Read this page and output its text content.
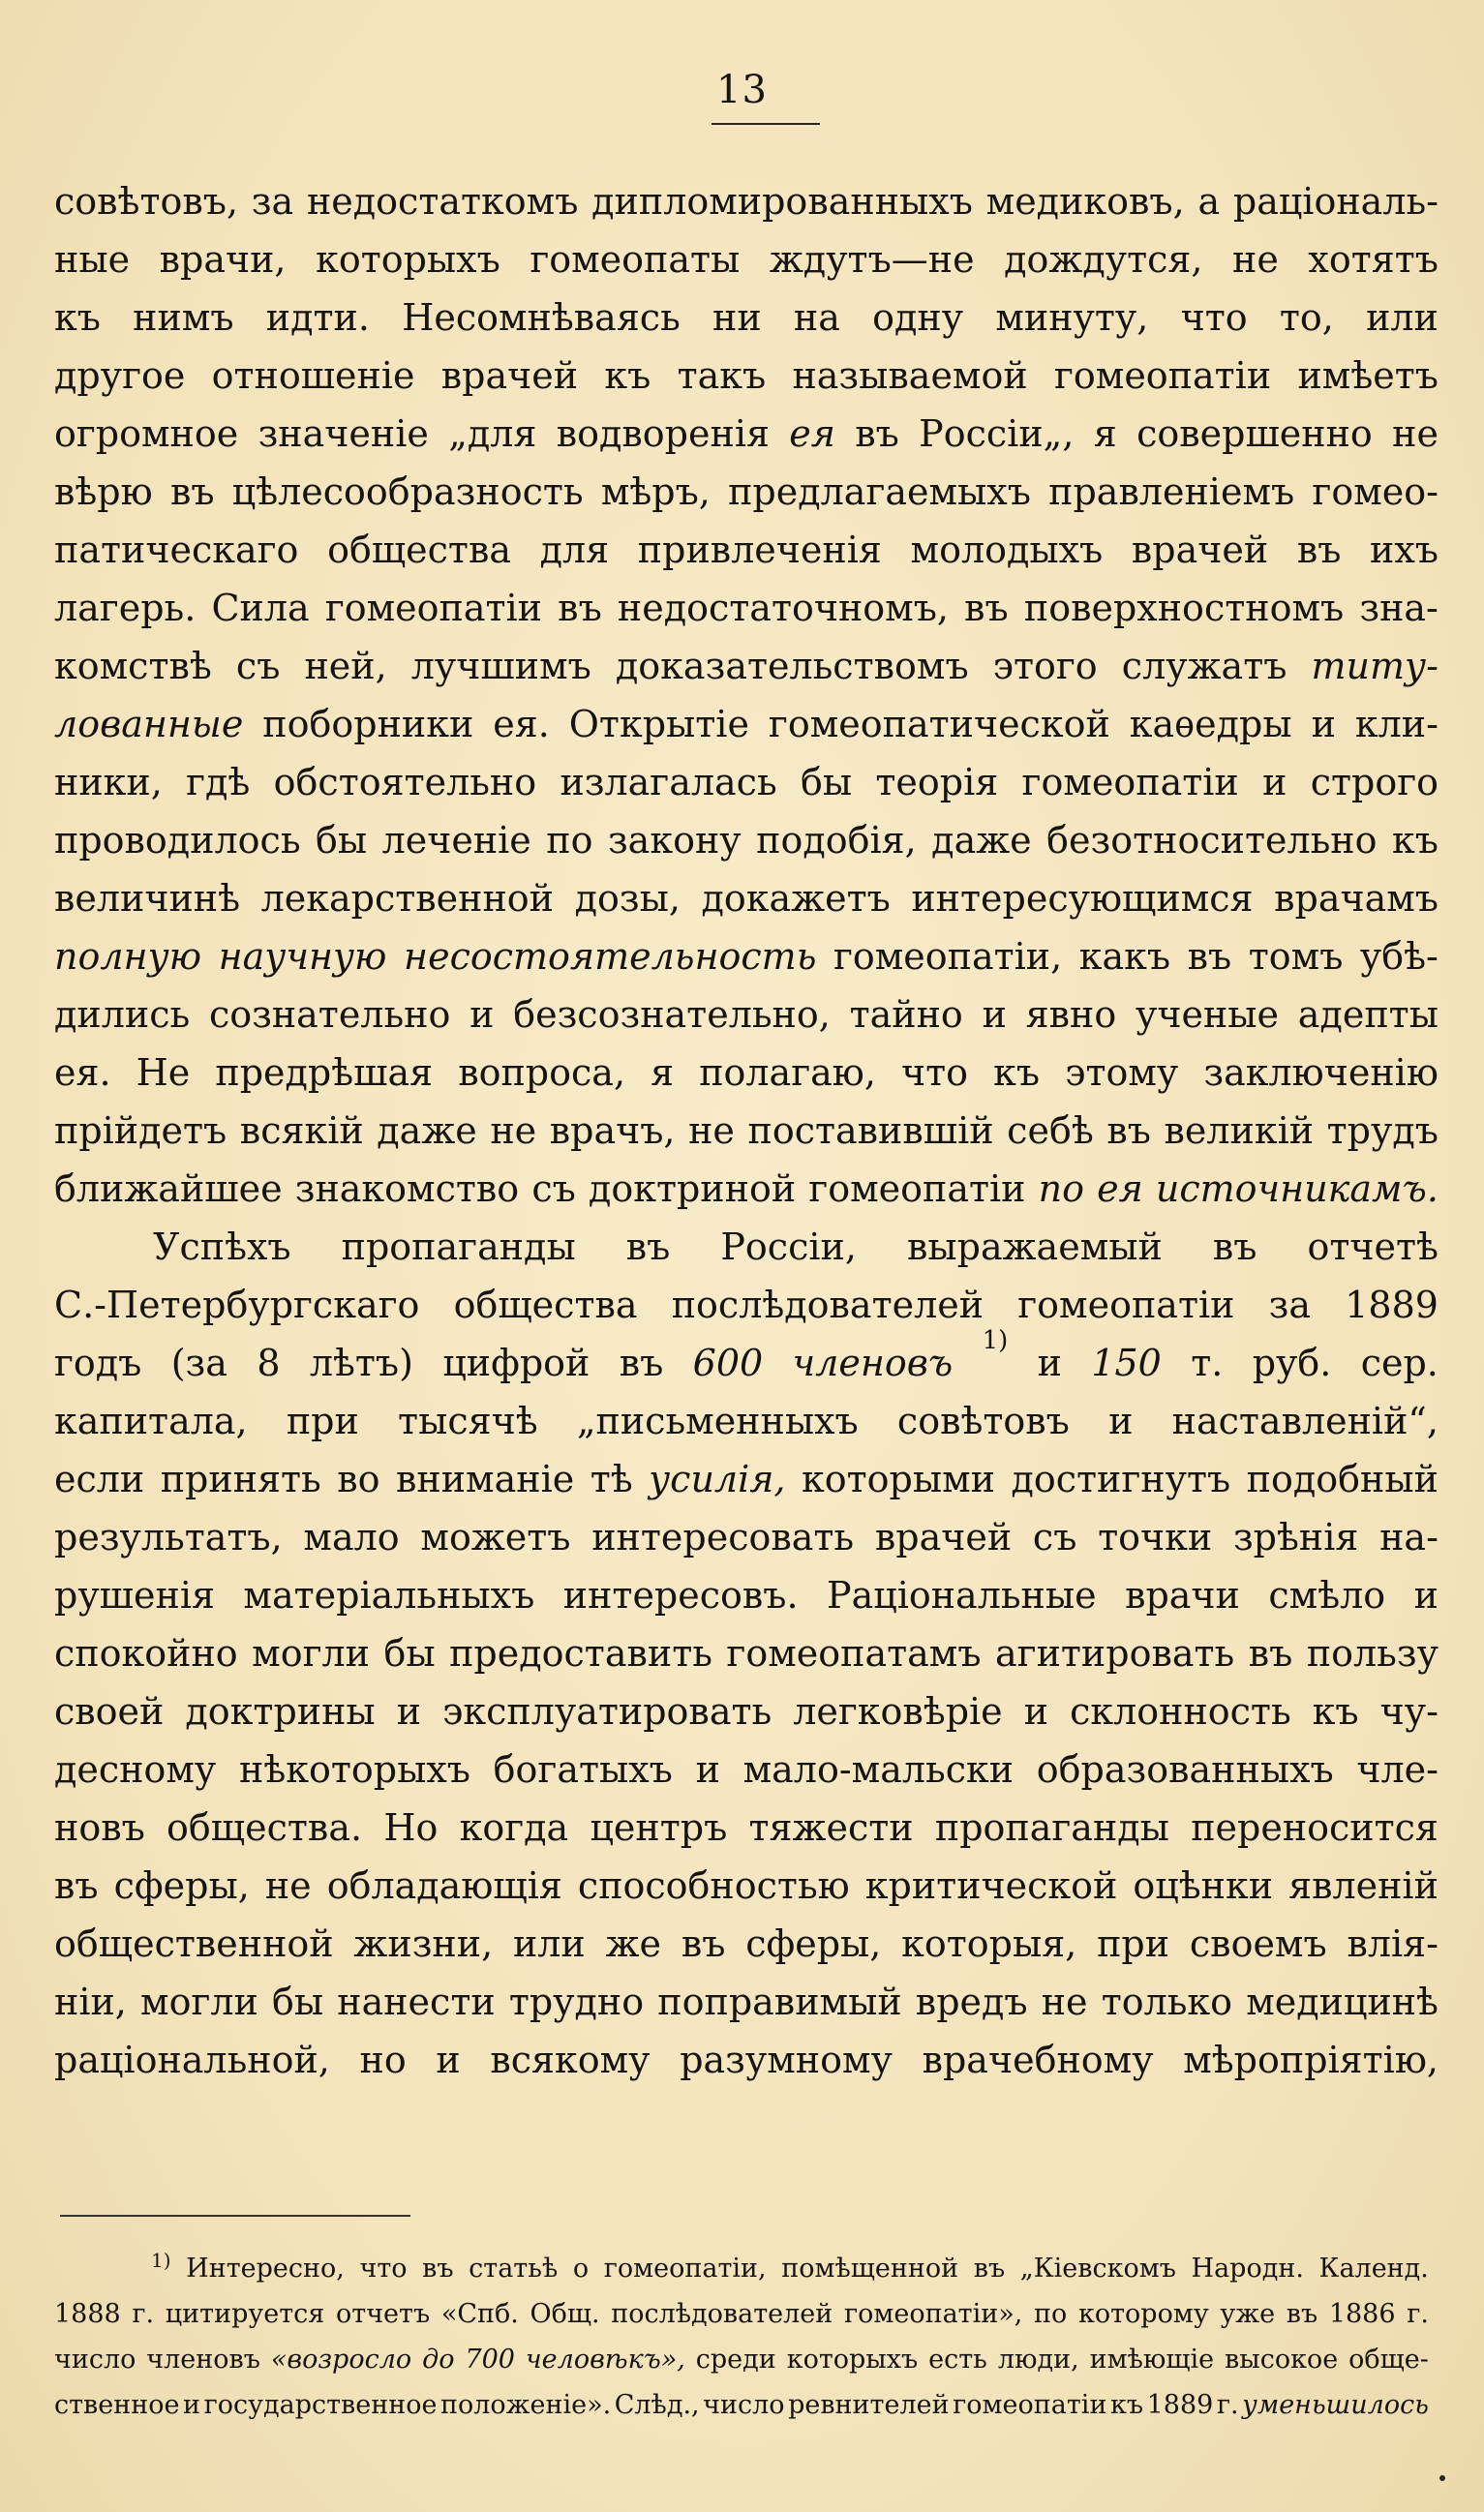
13
совѣтовъ, за недостаткомъ дипломированныхъ медиковъ, а раціональ-
ные врачи, которыхъ гомеопаты ждутъ—не дождутся, не хотятъ
къ нимъ идти. Несомнѣваясь ни на одну минуту, что то, или
другое отношеніе врачей къ такъ называемой гомеопатіи имѣетъ
огромное значеніе „для водворенія ея въ Россіи„, я совершенно не
вѣрю въ цѣлесообразность мѣръ, предлагаемыхъ правленіемъ гомео-
патическаго общества для привлеченія молодыхъ врачей въ ихъ
лагерь. Сила гомеопатіи въ недостаточномъ, въ поверхностномъ зна-
комствѣ съ ней, лучшимъ доказательствомъ этого служатъ титу-
лованные поборники ея. Открытіе гомеопатической каѳедры и кли-
ники, гдѣ обстоятельно излагалась бы теорія гомеопатіи и строго
проводилось бы леченіе по закону подобія, даже безотносительно къ
величинѣ лекарственной дозы, докажетъ интересующимся врачамъ
полную научную несостоятельность гомеопатіи, какъ въ томъ убѣ-
дились сознательно и безсознательно, тайно и явно ученые адепты
ея. Не предрѣшая вопроса, я полагаю, что къ этому заключенію
прійдетъ всякій даже не врачъ, не поставившій себѣ въ великій трудъ
ближайшее знакомство съ доктриной гомеопатіи по ея источникамъ.
Успѣхъ пропаганды въ Россіи, выражаемый въ отчетѣ
С.-Петербургскаго общества послѣдователей гомеопатіи за 1889
годъ (за 8 лѣтъ) цифрой въ 600 членовъ
1)
и 150 т. руб. сер.
капитала, при тысячѣ „письменныхъ совѣтовъ и наставленій“,
если принять во вниманіе тѣ усилія, которыми достигнутъ подобный
результатъ, мало можетъ интересовать врачей съ точки зрѣнія на-
рушенія матеріальныхъ интересовъ. Раціональные врачи смѣло и
спокойно могли бы предоставить гомеопатамъ агитировать въ пользу
своей доктрины и эксплуатировать легковѣріе и склонность къ чу-
десному нѣкоторыхъ богатыхъ и мало-мальски образованныхъ чле-
новъ общества. Но когда центръ тяжести пропаганды переносится
въ сферы, не обладающія способностью критической оцѣнки явленій
общественной жизни, или же въ сферы, которыя, при своемъ влія-
ніи, могли бы нанести трудно поправимый вредъ не только медицинѣ
раціональной, но и всякому разумному врачебному мѣропріятію,
1) Интересно, что въ статьѣ о гомеопатіи, помѣщенной въ „Кіевскомъ Народн. Календ.
1888 г. цитируется отчетъ «Спб. Общ. послѣдователей гомеопатіи», по которому уже въ 1886 г.
число членовъ «возросло до 700 человѣкъ», среди которыхъ есть люди, имѣющіе высокое обще-
ственное и государственное положеніе». Слѣд., число ревнителей гомеопатіи къ 1889 г. уменьшилось
